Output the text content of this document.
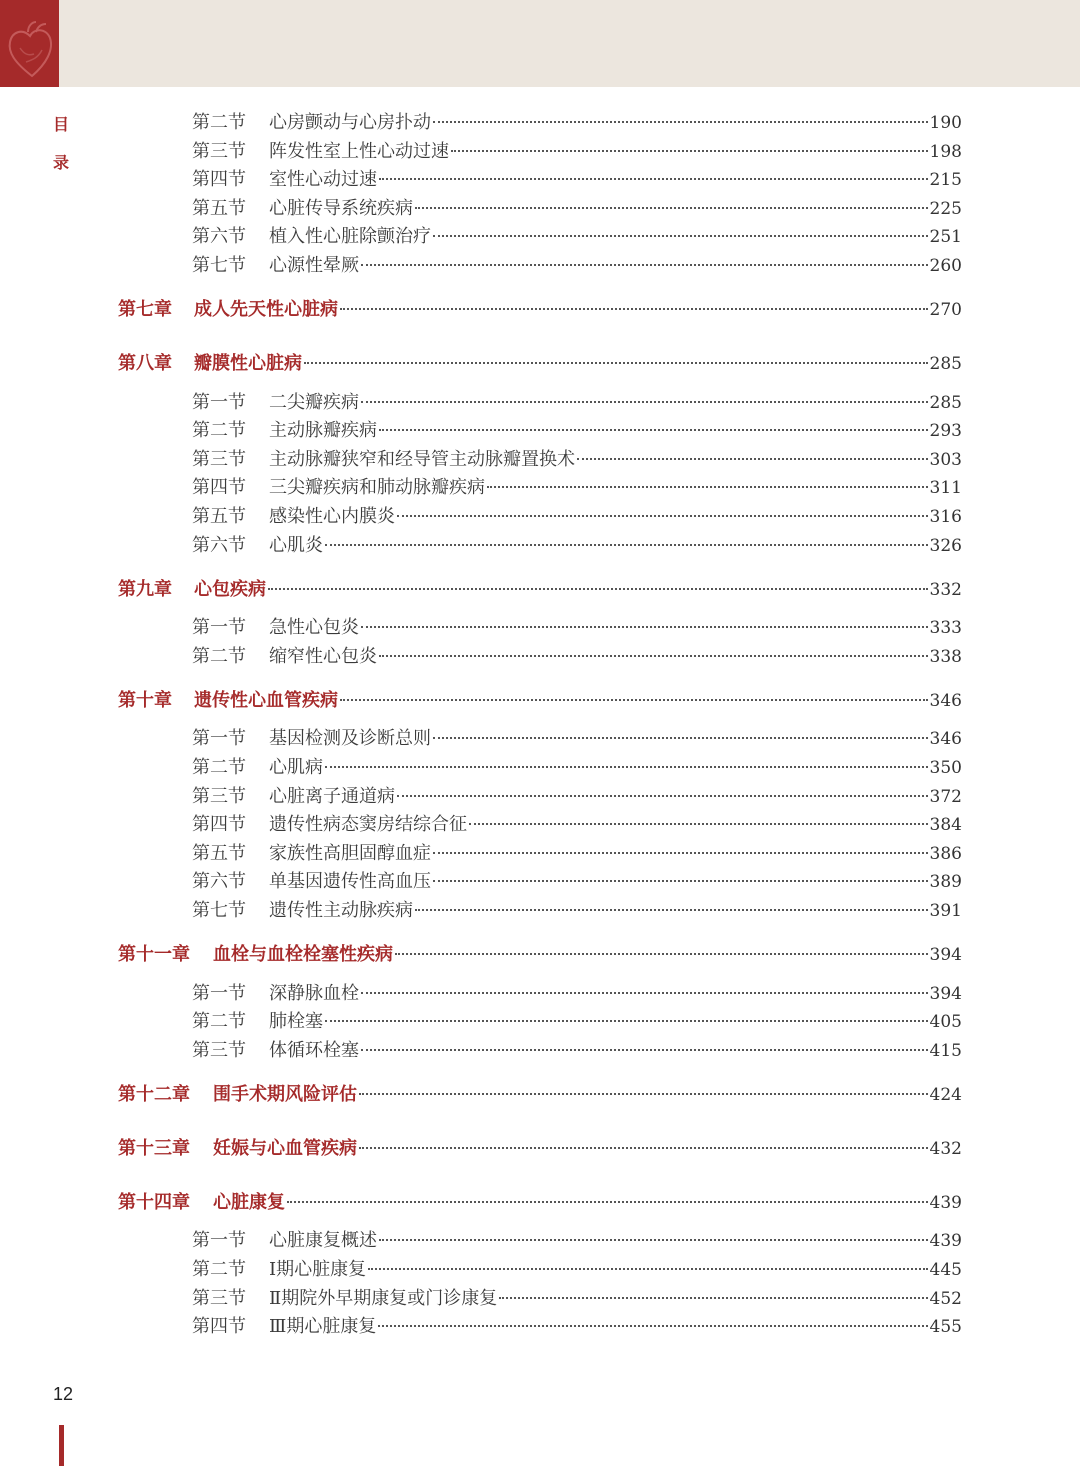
目
录
第二节	心房颤动与心房扑动	190
第三节	阵发性室上性心动过速	198
第四节	室性心动过速	215
第五节	心脏传导系统疾病	225
第六节	植入性心脏除颤治疗	251
第七节	心源性晕厥	260
第七章	成人先天性心脏病	270
第八章	瓣膜性心脏病	285
第一节	二尖瓣疾病	285
第二节	主动脉瓣疾病	293
第三节	主动脉瓣狭窄和经导管主动脉瓣置换术	303
第四节	三尖瓣疾病和肺动脉瓣疾病	311
第五节	感染性心内膜炎	316
第六节	心肌炎	326
第九章	心包疾病	332
第一节	急性心包炎	333
第二节	缩窄性心包炎	338
第十章	遗传性心血管疾病	346
第一节	基因检测及诊断总则	346
第二节	心肌病	350
第三节	心脏离子通道病	372
第四节	遗传性病态窦房结综合征	384
第五节	家族性高胆固醇血症	386
第六节	单基因遗传性高血压	389
第七节	遗传性主动脉疾病	391
第十一章	血栓与血栓栓塞性疾病	394
第一节	深静脉血栓	394
第二节	肺栓塞	405
第三节	体循环栓塞	415
第十二章	围手术期风险评估	424
第十三章	妊娠与心血管疾病	432
第十四章	心脏康复	439
第一节	心脏康复概述	439
第二节	Ⅰ期心脏康复	445
第三节	Ⅱ期院外早期康复或门诊康复	452
第四节	Ⅲ期心脏康复	455
12
